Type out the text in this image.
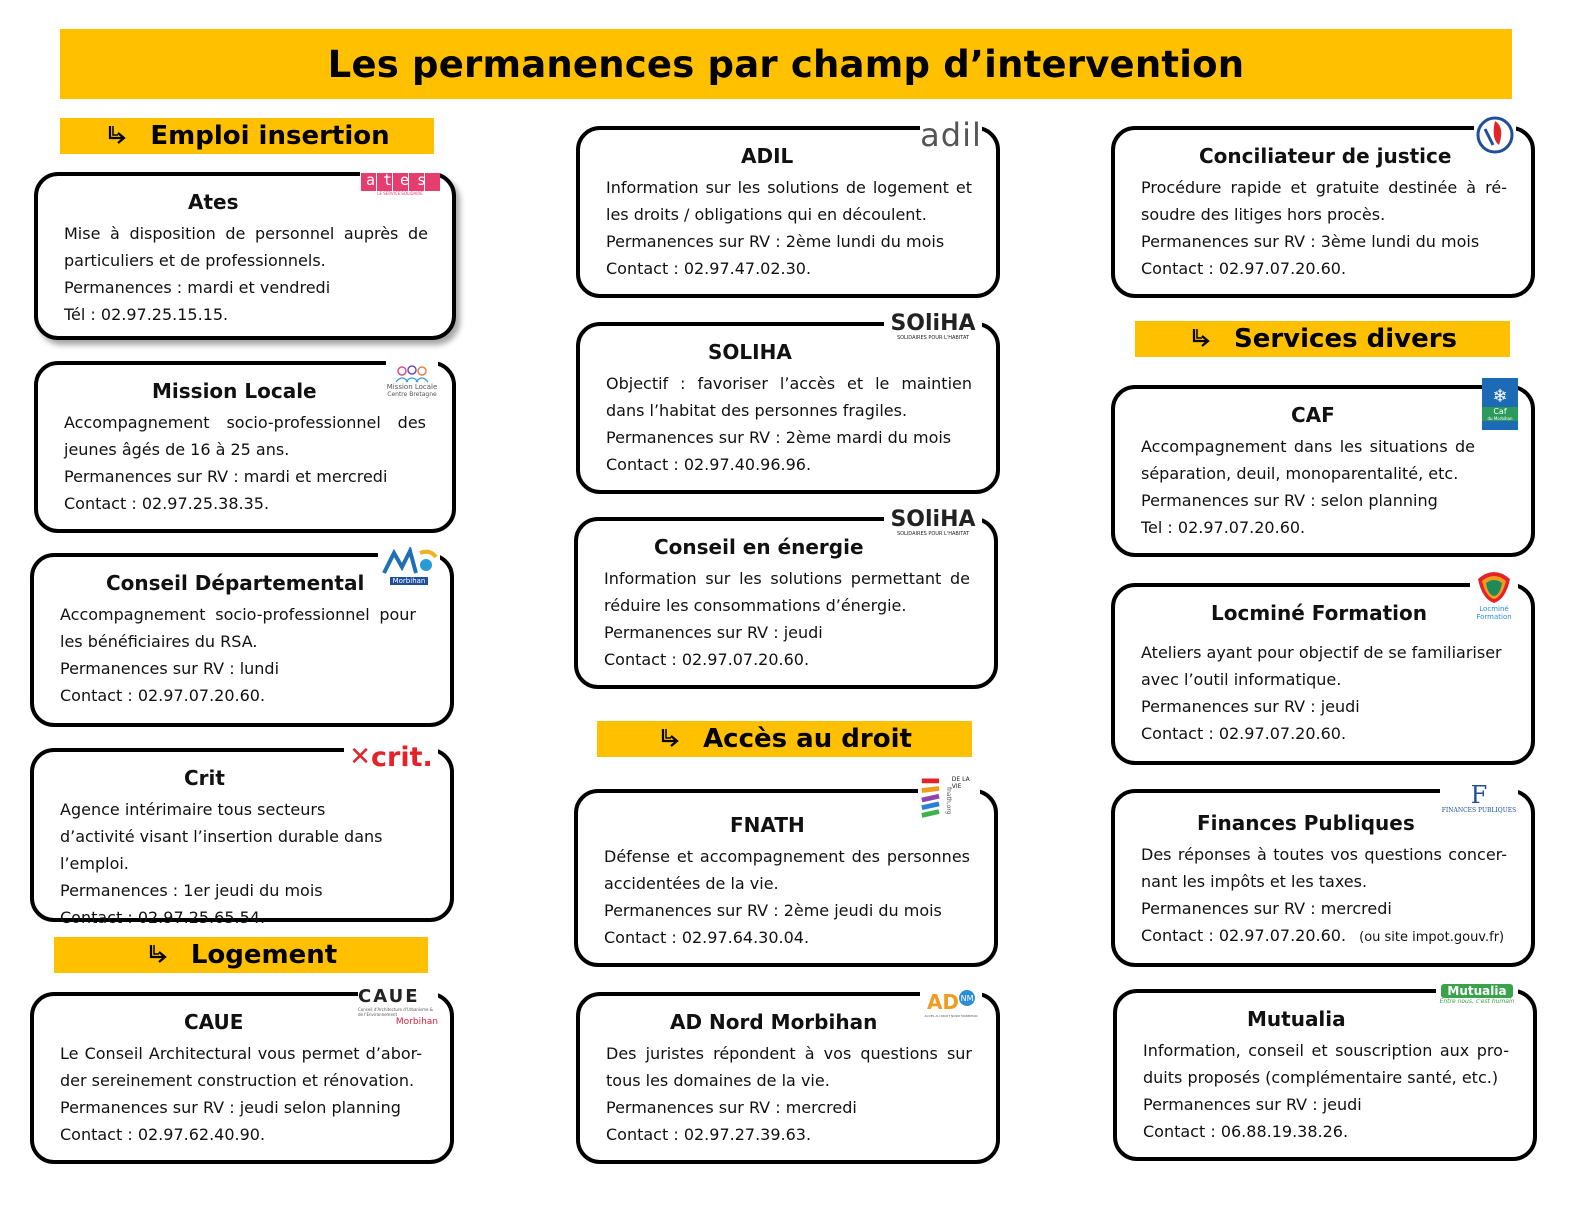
Les permanences par champ d’intervention
Emploi insertion
Logement
Accès au droit
Services divers
Ates
Mise à disposition de personnel auprès de particuliers et de professionnels.
Permanences : mardi et vendredi
Tél : 02.97.25.15.15.
ates
LE SERVICE SOLIDAIRE
Mission Locale
Accompagnement socio-professionnel des jeunes âgés de 16 à 25 ans.
Permanences sur RV : mardi et mercredi
Contact : 02.97.25.38.35.
Mission Locale
Centre Bretagne
Conseil Départemental
Accompagnement socio-professionnel pour les bénéficiaires du RSA.
Permanences sur RV : lundi
Contact : 02.97.07.20.60.
Morbihan
Crit
Agence intérimaire tous secteurs d’activité visant l’insertion durable dans l’emploi.
Permanences : 1er jeudi du mois
Contact : 02.97.25.65.54.
✕ crit.
CAUE
Le Conseil Architectural vous permet d’abor-der sereinement construction et rénovation.
Permanences sur RV : jeudi selon planning
Contact : 02.97.62.40.90.
CAUE
Conseil d'Architecture d'Urbanisme & de l'Environnement
Morbihan
ADIL
Information sur les solutions de logement et les droits / obligations qui en découlent.
Permanences sur RV : 2ème lundi du mois
Contact : 02.97.47.02.30.
adil
SOLIHA
Objectif : favoriser l’accès et le maintien dans l’habitat des personnes fragiles.
Permanences sur RV : 2ème mardi du mois
Contact : 02.97.40.96.96.
SOliHA
SOLIDAIRES POUR L'HABITAT
Conseil en énergie
Information sur les solutions permettant de réduire les consommations d’énergie.
Permanences sur RV : jeudi
Contact : 02.97.07.20.60.
SOliHA
SOLIDAIRES POUR L'HABITAT
FNATH
Défense et accompagnement des personnes accidentées de la vie.
Permanences sur RV : 2ème jeudi du mois
Contact : 02.97.64.30.04.
fnath.org
DE LA VIE
AD Nord Morbihan
Des juristes répondent à vos questions sur tous les domaines de la vie.
Permanences sur RV : mercredi
Contact : 02.97.27.39.63.
AD NM
ACCÈS AU DROIT NORD MORBIHAN
Conciliateur de justice
Procédure rapide et gratuite destinée à ré-soudre des litiges hors procès.
Permanences sur RV : 3ème lundi du mois
Contact : 02.97.07.20.60.
CAF
Accompagnement dans les situations de séparation, deuil, monoparentalité, etc.
Permanences sur RV : selon planning
Tel : 02.97.07.20.60.
❄
Caf
du Morbihan
Locminé Formation
Ateliers ayant pour objectif de se familiariser avec l’outil informatique.
Permanences sur RV : jeudi
Contact : 02.97.07.20.60.
Locminé Formation
Finances Publiques
Des réponses à toutes vos questions concer-nant les impôts et les taxes.
Permanences sur RV : mercredi
Contact : 02.97.07.20.60. (ou site impot.gouv.fr)
F
FINANCES PUBLIQUES
Mutualia
Information, conseil et souscription aux pro-duits proposés (complémentaire santé, etc.)
Permanences sur RV : jeudi
Contact : 06.88.19.38.26.
Mutualia
Entre nous, c'est humain
